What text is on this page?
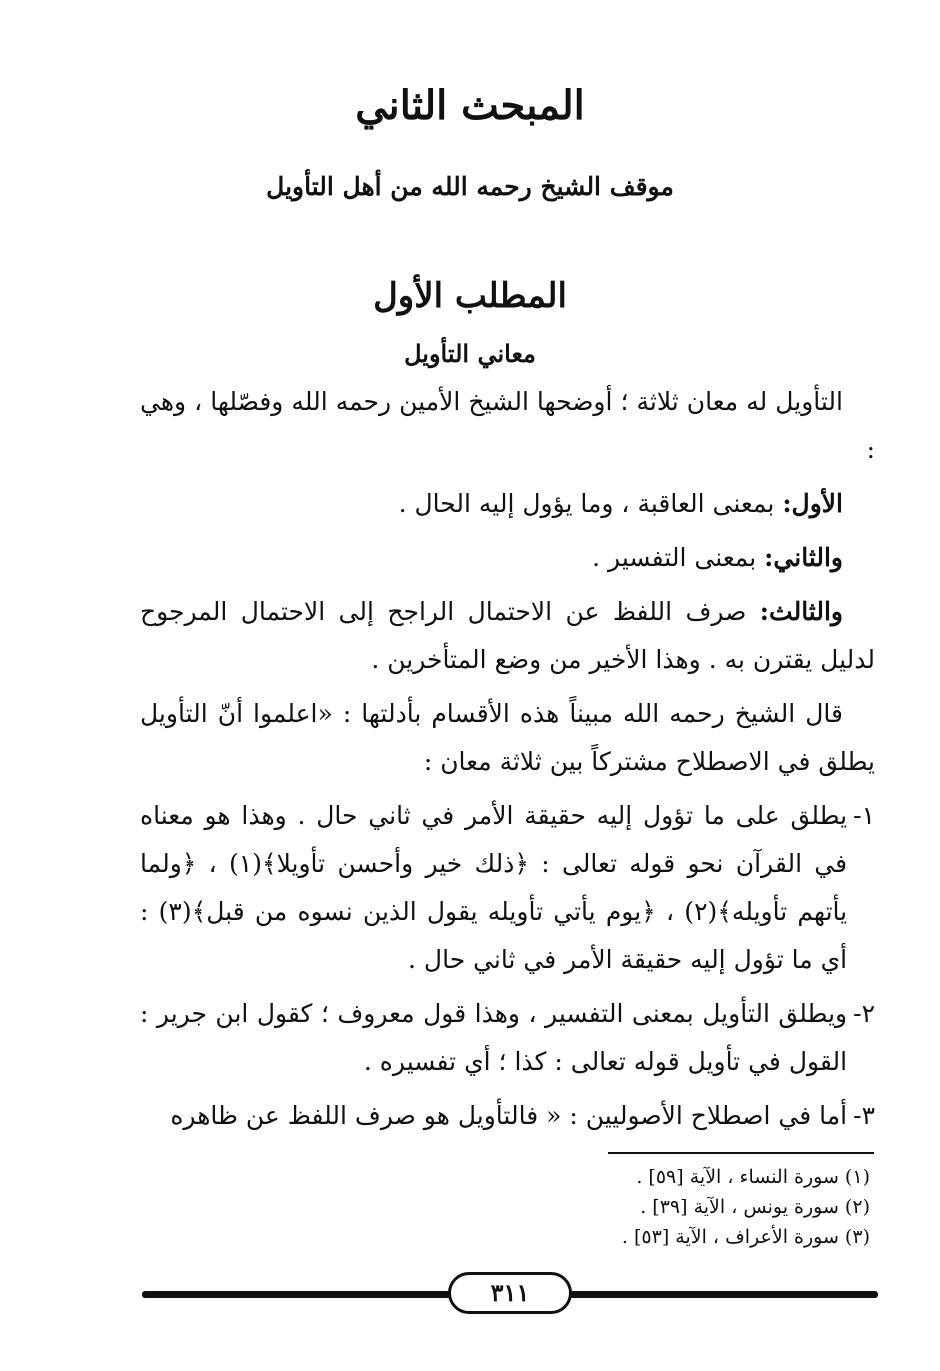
المبحث الثاني
موقف الشيخ رحمه الله من أهل التأويل
المطلب الأول
معاني التأويل

التأويل له معان ثلاثة ؛ أوضحها الشيخ الأمين رحمه الله وفصّلها ، وهي :

الأول: بمعنى العاقبة ، وما يؤول إليه الحال .

والثاني: بمعنى التفسير .

والثالث: صرف اللفظ عن الاحتمال الراجح إلى الاحتمال المرجوح لدليل يقترن به . وهذا الأخير من وضع المتأخرين .

قال الشيخ رحمه الله مبيناً هذه الأقسام بأدلتها : «اعلموا أنّ التأويل يطلق في الاصطلاح مشتركاً بين ثلاثة معان :

١-
يطلق على ما تؤول إليه حقيقة الأمر في ثاني حال . وهذا هو معناه في القرآن نحو قوله تعالى : ﴿ذلك خير وأحسن تأويلا﴾(١) ، ﴿ولما يأتهم تأويله﴾(٢) ، ﴿يوم يأتي تأويله يقول الذين نسوه من قبل﴾(٣) : أي ما تؤول إليه حقيقة الأمر في ثاني حال .
٢-
ويطلق التأويل بمعنى التفسير ، وهذا قول معروف ؛ كقول ابن جرير : القول في تأويل قوله تعالى : كذا ؛ أي تفسيره .
٣-
أما في اصطلاح الأصوليين : « فالتأويل هو صرف اللفظ عن ظاهره
(١) سورة النساء ، الآية [٥٩] .
(٢) سورة يونس ، الآية [٣٩] .
(٣) سورة الأعراف ، الآية [٥٣] .
٣١١
